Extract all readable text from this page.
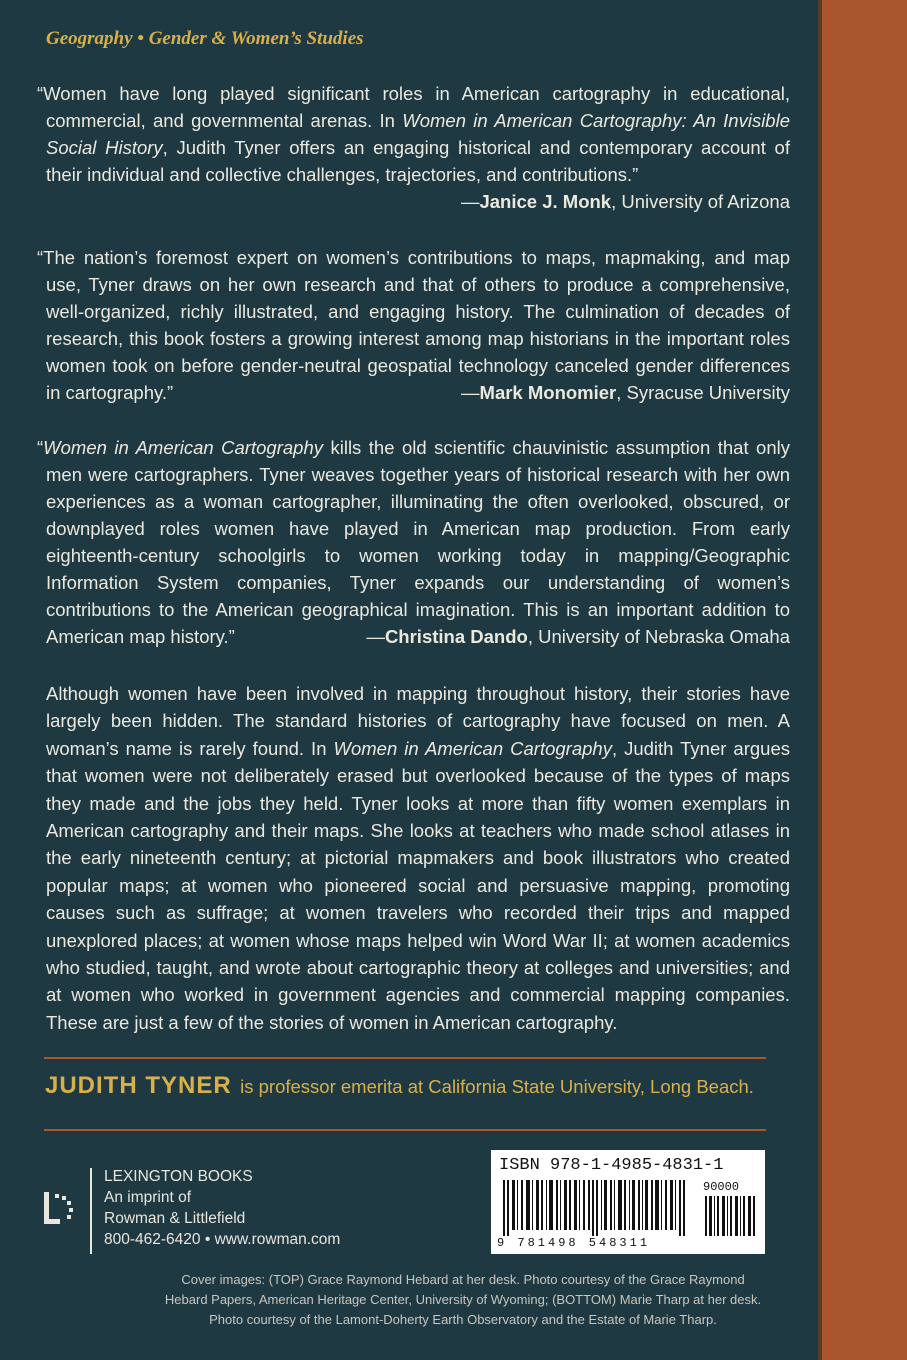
Geography • Gender & Women’s Studies
“Women have long played significant roles in American cartography in educational, commercial, and governmental arenas. In Women in American Cartography: An Invisible Social History, Judith Tyner offers an engaging historical and contemporary account of their individual and collective challenges, trajectories, and contributions.”
—Janice J. Monk, University of Arizona
“The nation’s foremost expert on women’s contributions to maps, mapmaking, and map use, Tyner draws on her own research and that of others to produce a comprehensive, well-organized, richly illustrated, and engaging history. The culmination of decades of research, this book fosters a growing interest among map historians in the important roles women took on before gender-neutral geospatial technology canceled gender differences in cartography.”	—Mark Monomier, Syracuse University
“Women in American Cartography kills the old scientific chauvinistic assumption that only men were cartographers. Tyner weaves together years of historical research with her own experiences as a woman cartographer, illuminating the often overlooked, obscured, or downplayed roles women have played in American map production. From early eighteenth-century schoolgirls to women working today in mapping/Geographic Information System companies, Tyner expands our understanding of women’s contributions to the American geographical imagination. This is an important addition to American map history.”	—Christina Dando, University of Nebraska Omaha
Although women have been involved in mapping throughout history, their stories have largely been hidden. The standard histories of cartography have focused on men. A woman’s name is rarely found. In Women in American Cartography, Judith Tyner argues that women were not deliberately erased but overlooked because of the types of maps they made and the jobs they held. Tyner looks at more than fifty women exemplars in American cartography and their maps. She looks at teachers who made school atlases in the early nineteenth century; at pictorial mapmakers and book illustrators who created popular maps; at women who pioneered social and persuasive mapping, promoting causes such as suffrage; at women travelers who recorded their trips and mapped unexplored places; at women whose maps helped win Word War II; at women academics who studied, taught, and wrote about cartographic theory at colleges and universities; and at women who worked in government agencies and commercial mapping companies. These are just a few of the stories of women in American cartography.
JUDITH TYNER is professor emerita at California State University, Long Beach.
LEXINGTON BOOKS
An imprint of
Rowman & Littlefield
800-462-6420 • www.rowman.com
ISBN 978-1-4985-4831-1
90000
9 781498 548311
Cover images: (TOP) Grace Raymond Hebard at her desk. Photo courtesy of the Grace Raymond Hebard Papers, American Heritage Center, University of Wyoming; (BOTTOM) Marie Tharp at her desk. Photo courtesy of the Lamont-Doherty Earth Observatory and the Estate of Marie Tharp.
